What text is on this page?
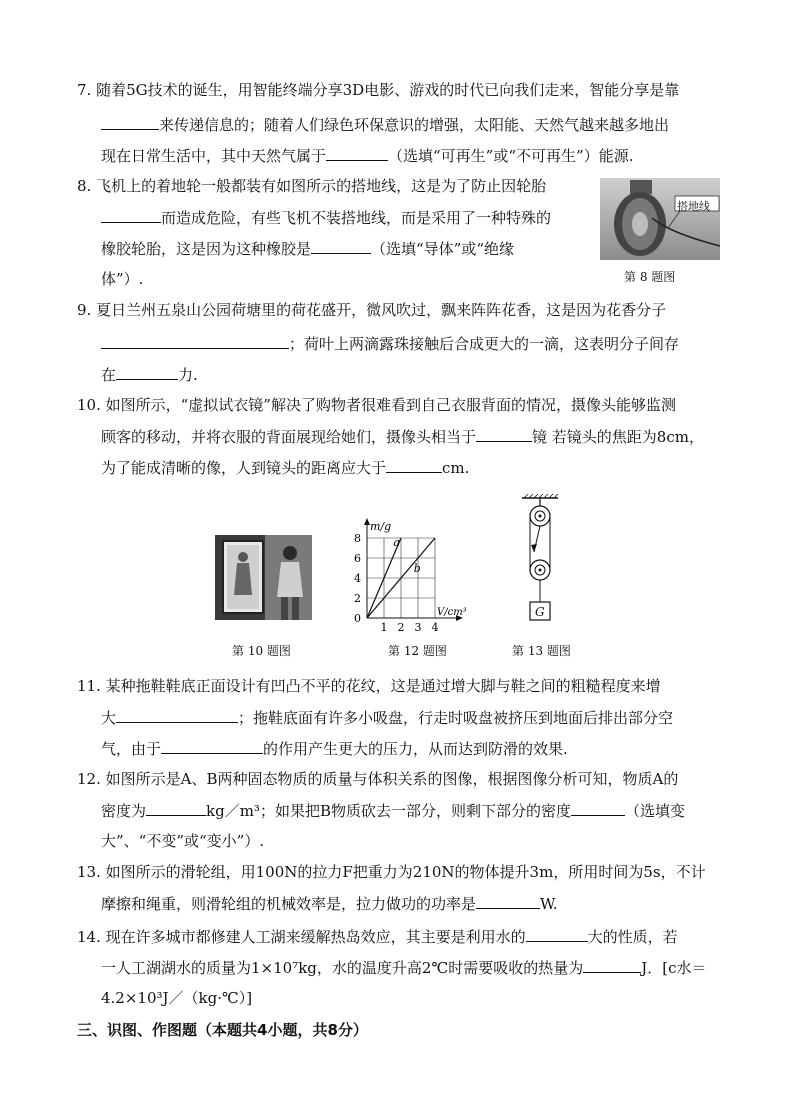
7. 随着5G技术的诞生，用智能终端分享3D电影、游戏的时代已向我们走来，智能分享是靠
来传递信息的；随着人们绿色环保意识的增强，太阳能、天然气越来越多地出
现在日常生活中，其中天然气属于	（选填“可再生”或“不可再生”）能源.
8. 飞机上的着地轮一般都装有如图所示的搭地线，这是为了防止因轮胎
而造成危险，有些飞机不装搭地线，而是采用了一种特殊的
橡胶轮胎，这是因为这种橡胶是	（选填“导体”或“绝缘
体”）.
搭地线
第 8 题图
9. 夏日兰州五泉山公园荷塘里的荷花盛开，微风吹过，飘来阵阵花香，这是因为花香分子
；荷叶上两滴露珠接触后合成更大的一滴，这表明分子间存
在	力.
10. 如图所示，“虚拟试衣镜”解决了购物者很难看到自己衣服背面的情况，摄像头能够监测
顾客的移动，并将衣服的背面展现给她们，摄像头相当于	镜 若镜头的焦距为8cm，
为了能成清晰的像，人到镜头的距离应大于	cm.
第 10 题图
1 2 3 4
0
2
4
6
8
m/g
V/cm³
a
b
第 12 题图
G
第 13 题图
11. 某种拖鞋鞋底正面设计有凹凸不平的花纹，这是通过增大脚与鞋之间的粗糙程度来增
大	；拖鞋底面有许多小吸盘，行走时吸盘被挤压到地面后排出部分空
气，由于	的作用产生更大的压力，从而达到防滑的效果.
12. 如图所示是A、B两种固态物质的质量与体积关系的图像，根据图像分析可知，物质A的
密度为	kg／m³；如果把B物质砍去一部分，则剩下部分的密度	（选填变
大”、“不变”或“变小”）.
13. 如图所示的滑轮组，用100N的拉力F把重力为210N的物体提升3m，所用时间为5s，不计
摩擦和绳重，则滑轮组的机械效率是，拉力做功的功率是	W.
14. 现在许多城市都修建人工湖来缓解热岛效应，其主要是利用水的	大的性质，若
一人工湖湖水的质量为1×10⁷kg，水的温度升高2℃时需要吸收的热量为	J．[c水＝
4.2×10³J／（kg·℃）]
三、识图、作图题（本题共4小题，共8分）
